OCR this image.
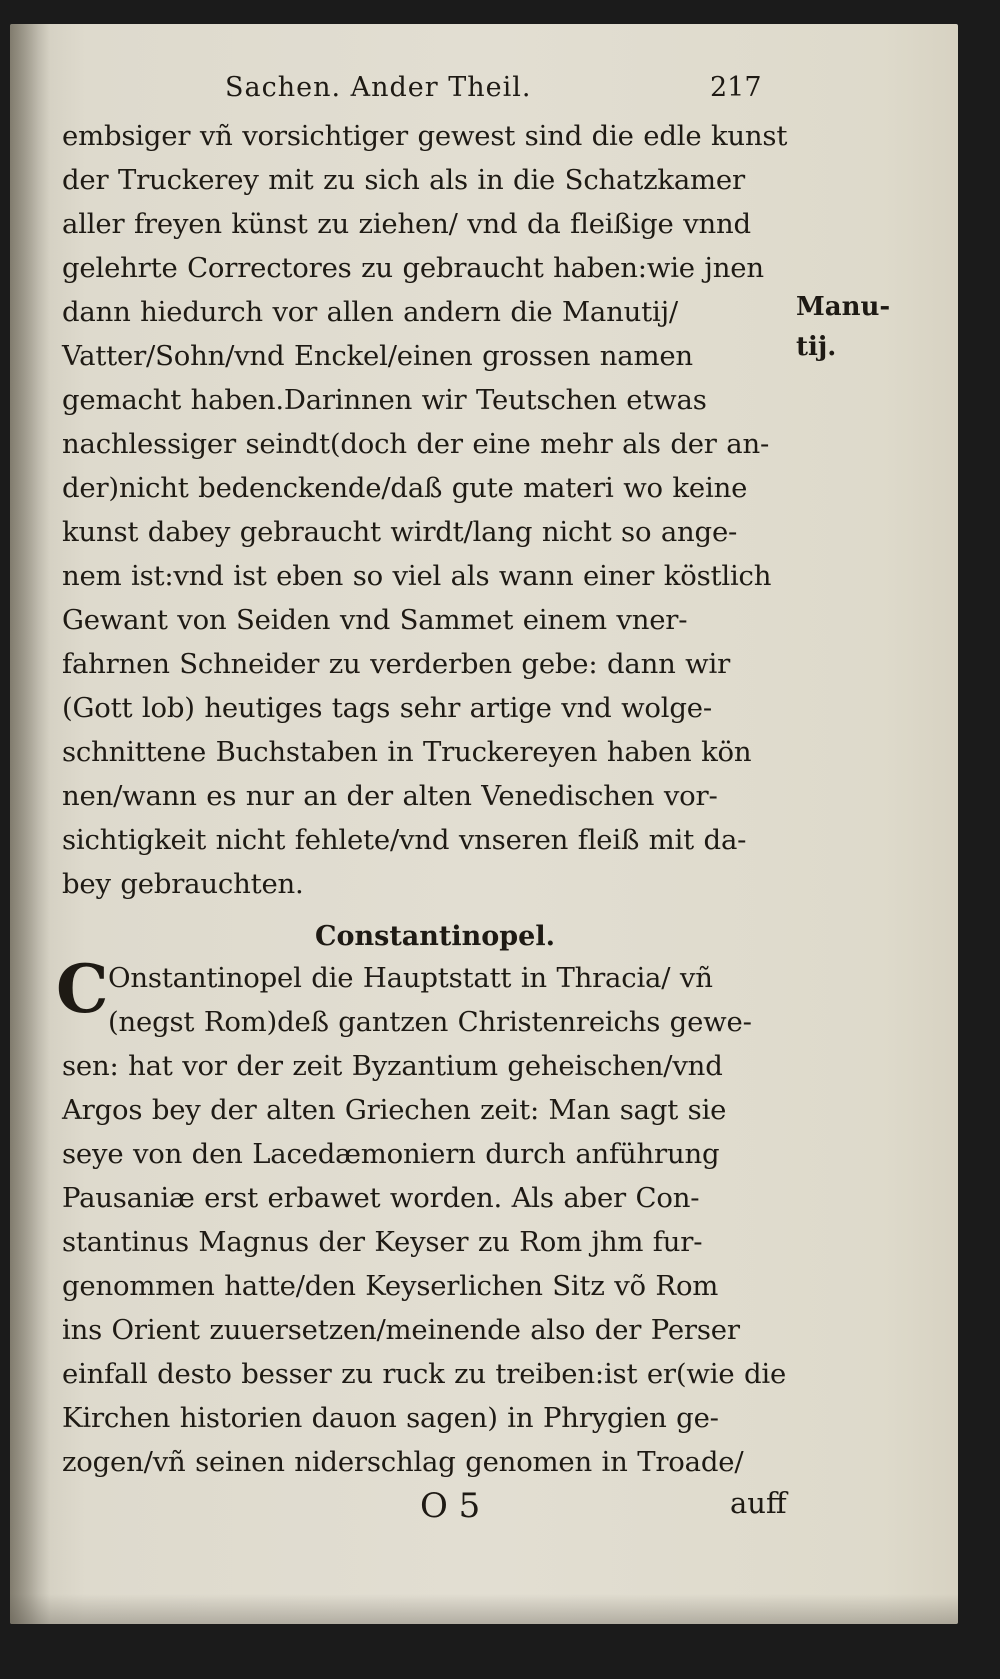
Sachen. Ander Theil.	217
embsiger vñ vorsichtiger gewest sind die edle kunst
der Truckerey mit zu sich als in die Schatzkamer
aller freyen künst zu ziehen/ vnd da fleißige vnnd
gelehrte Correctores zu gebraucht haben:wie jnen
dann hiedurch vor allen andern die Manutij/
Vatter/Sohn/vnd Enckel/einen grossen namen
gemacht haben.Darinnen wir Teutschen etwas
nachlessiger seindt(doch der eine mehr als der an-
der)nicht bedenckende/daß gute materi wo keine
kunst dabey gebraucht wirdt/lang nicht so ange-
nem ist:vnd ist eben so viel als wann einer köstlich
Gewant von Seiden vnd Sammet einem vner-
fahrnen Schneider zu verderben gebe: dann wir
(Gott lob) heutiges tags sehr artige vnd wolge-
schnittene Buchstaben in Truckereyen haben kön
nen/wann es nur an der alten Venedischen vor-
sichtigkeit nicht fehlete/vnd vnseren fleiß mit da-
bey gebrauchten.
Manu-
tij.
Constantinopel.
C Onstantinopel die Hauptstatt in Thracia/ vñ
(negst Rom)deß gantzen Christenreichs gewe-
sen: hat vor der zeit Byzantium geheischen/vnd
Argos bey der alten Griechen zeit: Man sagt sie
seye von den Lacedæmoniern durch anführung
Pausaniæ erst erbawet worden. Als aber Con-
stantinus Magnus der Keyser zu Rom jhm fur-
genommen hatte/den Keyserlichen Sitz võ Rom
ins Orient zuuersetzen/meinende also der Perser
einfall desto besser zu ruck zu treiben:ist er(wie die
Kirchen historien dauon sagen) in Phrygien ge-
zogen/vñ seinen niderschlag genomen in Troade/
O 5	auff
